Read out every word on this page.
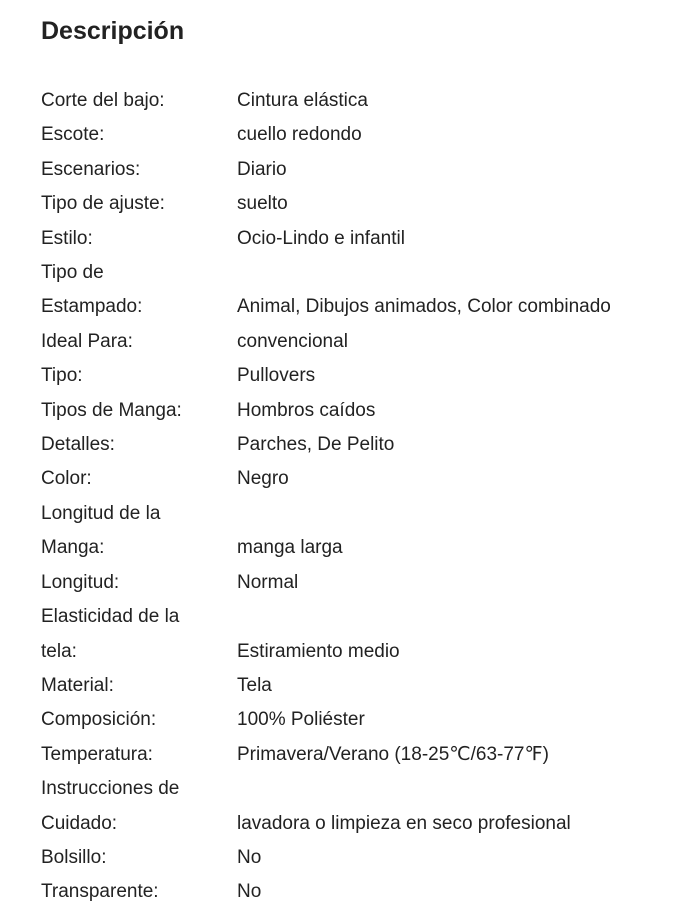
Descripción
Corte del bajo:	Cintura elástica
Escote:	cuello redondo
Escenarios:	Diario
Tipo de ajuste:	suelto
Estilo:	Ocio-Lindo e infantil
Tipo de	
Estampado:	Animal, Dibujos animados, Color combinado
Ideal Para:	convencional
Tipo:	Pullovers
Tipos de Manga:	Hombros caídos
Detalles:	Parches, De Pelito
Color:	Negro
Longitud de la	
Manga:	manga larga
Longitud:	Normal
Elasticidad de la	
tela:	Estiramiento medio
Material:	Tela
Composición:	100% Poliéster
Temperatura:	Primavera/Verano (18-25℃/63-77℉)
Instrucciones de	
Cuidado:	lavadora o limpieza en seco profesional
Bolsillo:	No
Transparente:	No
